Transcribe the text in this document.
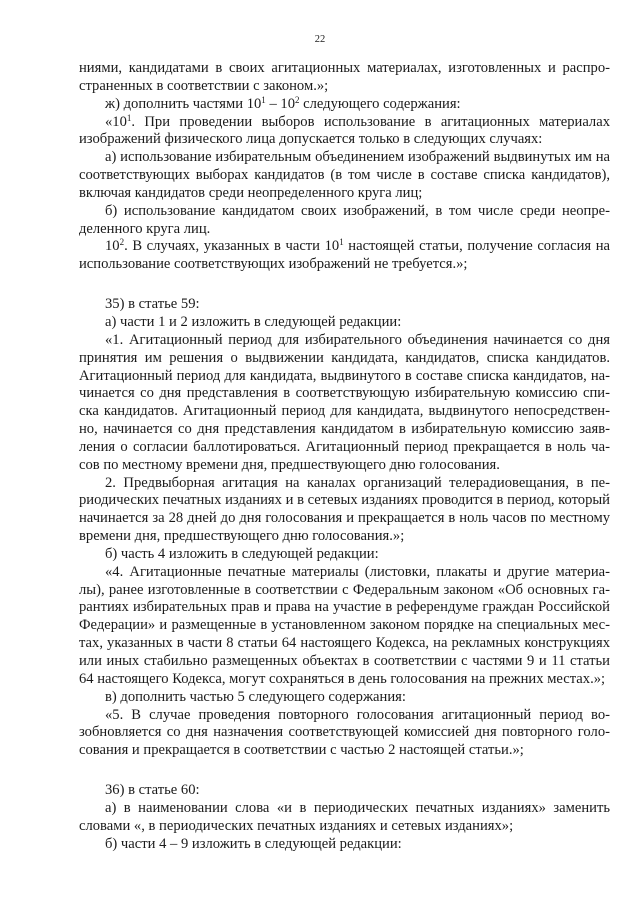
22

ниями, кандидатами в своих агитационных материалах, изготовленных и распространенных в соответствии с законом.»;

ж) дополнить частями $10^1 - 10^2$ следующего содержания:

«$10^1$. При проведении выборов использование в агитационных материалах изображений физического лица допускается только в следующих случаях:

а) использование избирательным объединением изображений выдвинутых им на соответствующих выборах кандидатов (в том числе в составе списка кандидатов), включая кандидатов среди неопределенного круга лиц;

б) использование кандидатом своих изображений, в том числе среди неопределенного круга лиц.

$10^2$. В случаях, указанных в части $10^1$ настоящей статьи, получение согласия на использование соответствующих изображений не требуется.»;

35) в статье 59:

а) части 1 и 2 изложить в следующей редакции:

«1. Агитационный период для избирательного объединения начинается со дня принятия им решения о выдвижении кандидата, кандидатов, списка кандидатов. Агитационный период для кандидата, выдвинутого в составе списка кандидатов, начинается со дня представления в соответствующую избирательную комиссию списка кандидатов. Агитационный период для кандидата, выдвинутого непосредственно, начинается со дня представления кандидатом в избирательную комиссию заявления о согласии баллотироваться. Агитационный период прекращается в ноль часов по местному времени дня, предшествующего дню голосования.

2. Предвыборная агитация на каналах организаций телерадиовещания, в периодических печатных изданиях и в сетевых изданиях проводится в период, который начинается за 28 дней до дня голосования и прекращается в ноль часов по местному времени дня, предшествующего дню голосования.»;

б) часть 4 изложить в следующей редакции:

«4. Агитационные печатные материалы (листовки, плакаты и другие материалы), ранее изготовленные в соответствии с Федеральным законом «Об основных гарантиях избирательных прав и права на участие в референдуме граждан Российской Федерации» и размещенные в установленном законом порядке на специальных местах, указанных в части 8 статьи 64 настоящего Кодекса, на рекламных конструкциях или иных стабильно размещенных объектах в соответствии с частями 9 и 11 статьи 64 настоящего Кодекса, могут сохраняться в день голосования на прежних местах.»;

в) дополнить частью 5 следующего содержания:

«5. В случае проведения повторного голосования агитационный период возобновляется со дня назначения соответствующей комиссией дня повторного голосования и прекращается в соответствии с частью 2 настоящей статьи.»;

36) в статье 60:

а) в наименовании слова «и в периодических печатных изданиях» заменить словами «, в периодических печатных изданиях и сетевых изданиях»;

б) части 4 – 9 изложить в следующей редакции:
